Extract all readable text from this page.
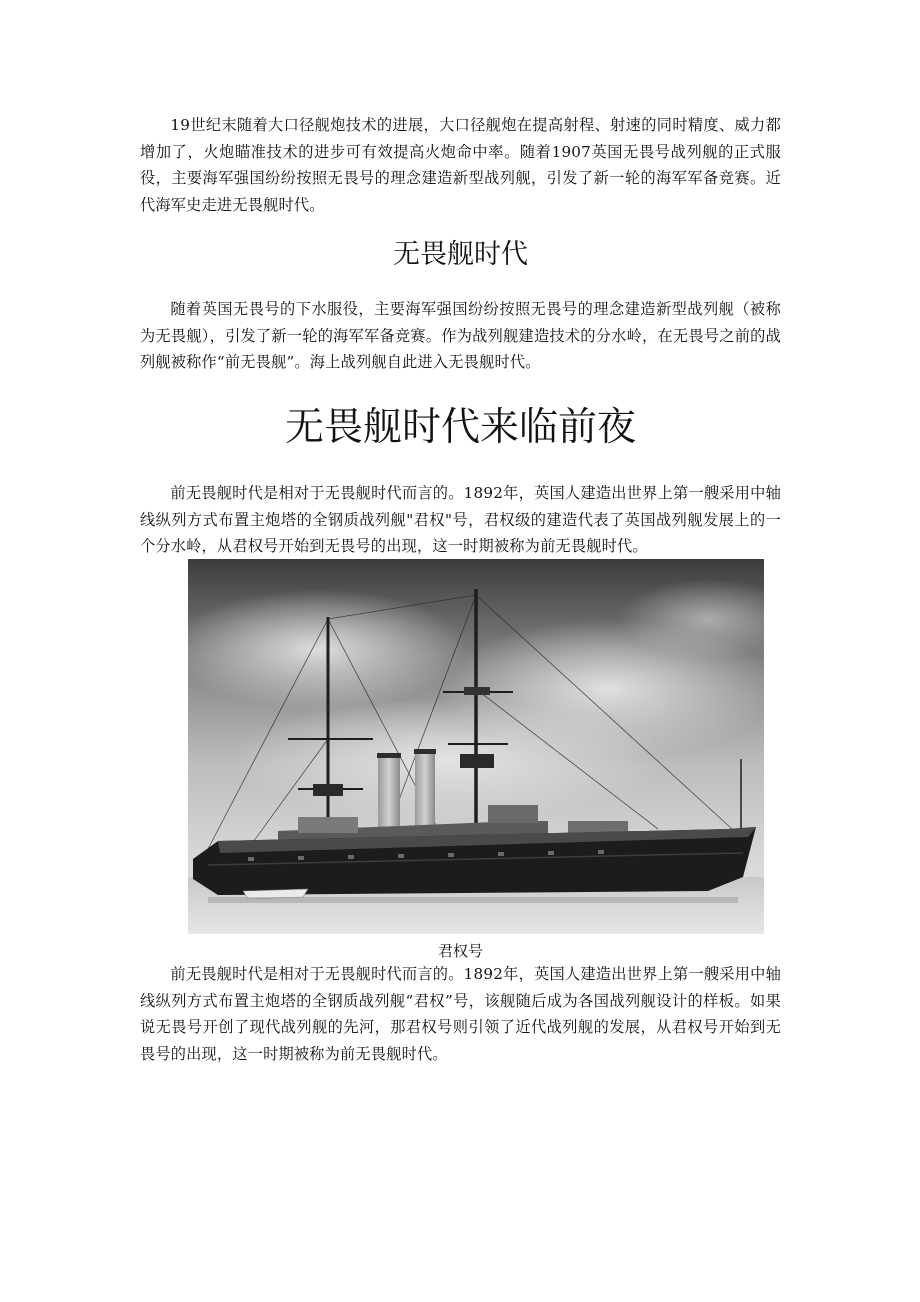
19世纪末随着大口径舰炮技术的进展，大口径舰炮在提高射程、射速的同时精度、威力都增加了，火炮瞄准技术的进步可有效提高火炮命中率。随着1907英国无畏号战列舰的正式服役，主要海军强国纷纷按照无畏号的理念建造新型战列舰，引发了新一轮的海军军备竞赛。近代海军史走进无畏舰时代。

无畏舰时代

随着英国无畏号的下水服役，主要海军强国纷纷按照无畏号的理念建造新型战列舰（被称为无畏舰），引发了新一轮的海军军备竞赛。作为战列舰建造技术的分水岭，在无畏号之前的战列舰被称作“前无畏舰”。海上战列舰自此进入无畏舰时代。

无畏舰时代来临前夜

前无畏舰时代是相对于无畏舰时代而言的。1892年，英国人建造出世界上第一艘采用中轴线纵列方式布置主炮塔的全钢质战列舰"君权"号，君权级的建造代表了英国战列舰发展上的一个分水岭，从君权号开始到无畏号的出现，这一时期被称为前无畏舰时代。

君权号

前无畏舰时代是相对于无畏舰时代而言的。1892年，英国人建造出世界上第一艘采用中轴线纵列方式布置主炮塔的全钢质战列舰“君权”号，该舰随后成为各国战列舰设计的样板。如果说无畏号开创了现代战列舰的先河，那君权号则引领了近代战列舰的发展，从君权号开始到无畏号的出现，这一时期被称为前无畏舰时代。
